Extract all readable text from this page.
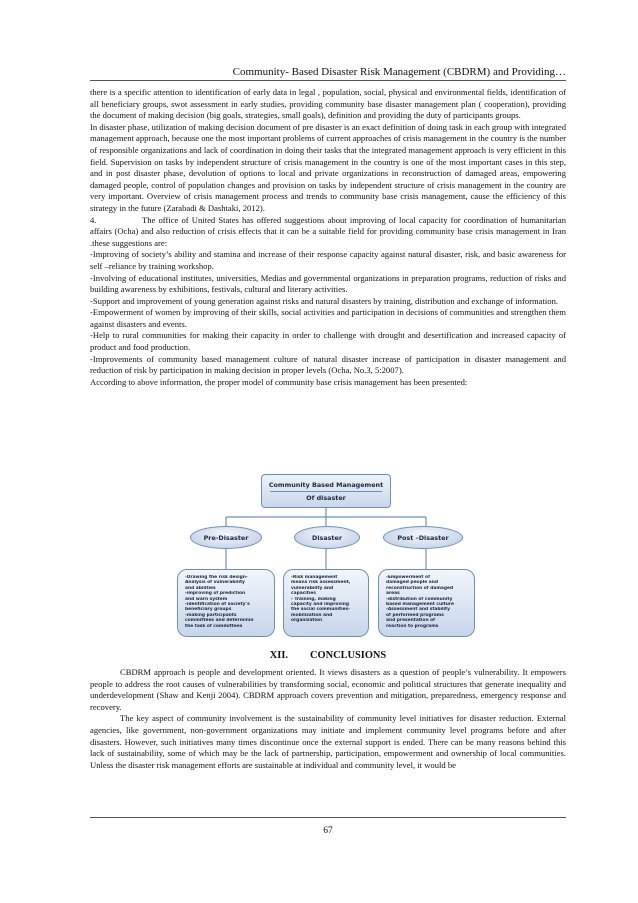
Community- Based Disaster Risk Management (CBDRM) and Providing…

there is a specific attention to identification of early data in legal , population, social, physical and environmental fields, identification of all beneficiary groups, swot assessment in early studies, providing community base disaster management plan ( cooperation), providing the document of making decision (big goals, strategies, small goals), definition and providing the duty of participants groups.

In disaster phase, utilization of making decision document of pre disaster is an exact definition of doing task in each group with integrated management approach, because one the most important problems of current approaches of crisis management in the country is the number of responsible organizations and lack of coordination in doing their tasks that the integrated management approach is very efficient in this field. Supervision on tasks by independent structure of crisis management in the country is one of the most important cases in this step, and in post disaster phase, devolution of options to local and private organizations in reconstruction of damaged areas, empowering damaged people, control of population changes and provision on tasks by independent structure of crisis management in the country are very important. Overview of crisis management process and trends to community base crisis management, cause the efficiency of this strategy in the future (Zarabadi & Dashtaki, 2012).

4.	The office of United States has offered suggestions about improving of local capacity for coordination of humanitarian affairs (Ocha) and also reduction of crisis effects that it can be a suitable field for providing community base crisis management in Iran .these suggestions are:

-Improving of society’s ability and stamina and increase of their response capacity against natural disaster, risk, and basic awareness for self –reliance by training workshop.

-Involving of educational institutes, universities, Medias and governmental organizations in preparation programs, reduction of risks and building awareness by exhibitions, festivals, cultural and literary activities.

-Support and improvement of young generation against risks and natural disasters by training, distribution and exchange of information.

-Empowerment of women by improving of their skills, social activities and participation in decisions of communities and strengthen them against disasters and events.

-Help to rural communities for making their capacity in order to challenge with drought and desertification and increased capacity of product and food production.

-Improvements of community based management culture of natural disaster increase of participation in disaster management and reduction of risk by participation in making decision in proper levels (Ocha, No.3, 5:2007).

According to above information, the proper model of community base crisis management has been presented:

Community Based Management
Of disaster
Pre-Disaster	Disaster	Post –Disaster
-Drawing the risk design-
Analysis of vulnerability
and abilities
-improving of prediction
and warn system
-identification of society’s
beneficiary groups
-making participants
committees and determinin
the task of committees
-Risk management
means risk assessment,
vulnerability and
capacities
- Training, making
capacity and improving
the social communities-
mobilization and
organization
-Empowerment of
damaged people and
reconstruction of damaged
areas
-distribution of community
based management culture
-Assessment and stability
of performed programs
and presentation of
reaction to programs
XII. CONCLUSIONS

CBDRM approach is people and development oriented. It views disasters as a question of people’s vulnerability. It empowers people to address the root causes of vulnerabilities by transforming social, economic and political structures that generate inequality and underdevelopment (Shaw and Kenji 2004). CBDRM approach covers prevention and mitigation, preparedness, emergency response and recovery.

The key aspect of community involvement is the sustainability of community level initiatives for disaster reduction. External agencies, like government, non-government organizations may initiate and implement community level programs before and after disasters. However, such initiatives many times discontinue once the external support is ended. There can be many reasons behind this lack of sustainability, some of which may be the lack of partnership, participation, empowerment and ownership of local communities. Unless the disaster risk management efforts are sustainable at individual and community level, it would be

67
